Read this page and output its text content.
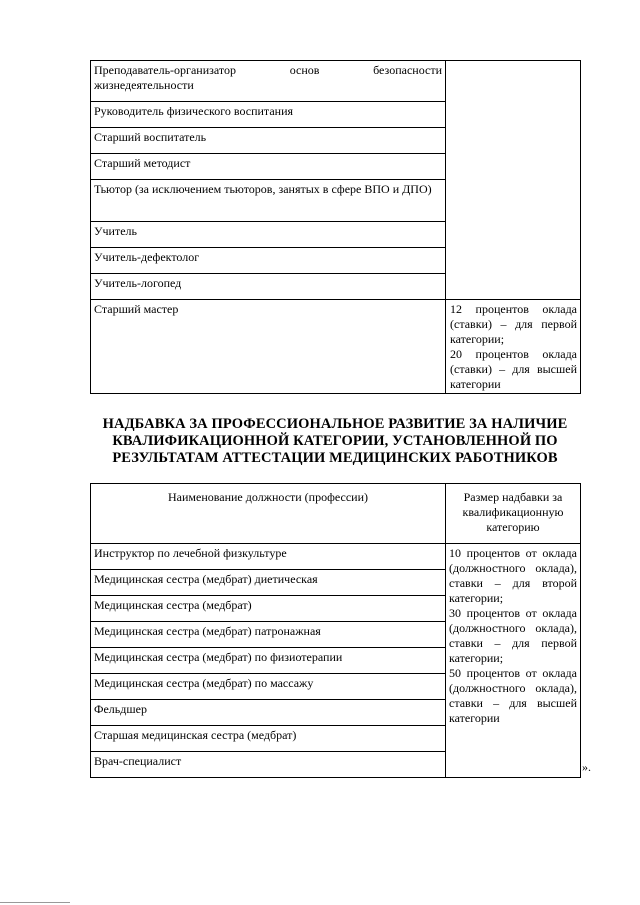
Преподаватель-организатор основ безопасности
жизнедеятельности	

Руководитель физического воспитания	
Старший воспитатель	
Старший методист	
Тьютор (за исключением тьюторов, занятых в сфере ВПО и ДПО)	
Учитель	
Учитель-дефектолог	
Учитель-логопед	
Старший мастер	12 процентов оклада (ставки) – для первой категории;
20 процентов оклада (ставки) – для высшей категории
НАДБАВКА ЗА ПРОФЕССИОНАЛЬНОЕ РАЗВИТИЕ ЗА НАЛИЧИЕ КВАЛИФИКАЦИОННОЙ КАТЕГОРИИ, УСТАНОВЛЕННОЙ ПО РЕЗУЛЬТАТАМ АТТЕСТАЦИИ МЕДИЦИНСКИХ РАБОТНИКОВ
Наименование должности (профессии)	Размер надбавки за квалификационную категорию
Инструктор по лечебной физкультуре	10 процентов от оклада (должностного оклада), ставки – для второй категории;
30 процентов от оклада (должностного оклада), ставки – для первой категории;
50 процентов от оклада (должностного оклада), ставки – для высшей категории

Медицинская сестра (медбрат) диетическая	
Медицинская сестра (медбрат)	
Медицинская сестра (медбрат) патронажная	
Медицинская сестра (медбрат) по физиотерапии	
Медицинская сестра (медбрат) по массажу	
Фельдшер	
Старшая медицинская сестра (медбрат)	
Врач-специалист		».
